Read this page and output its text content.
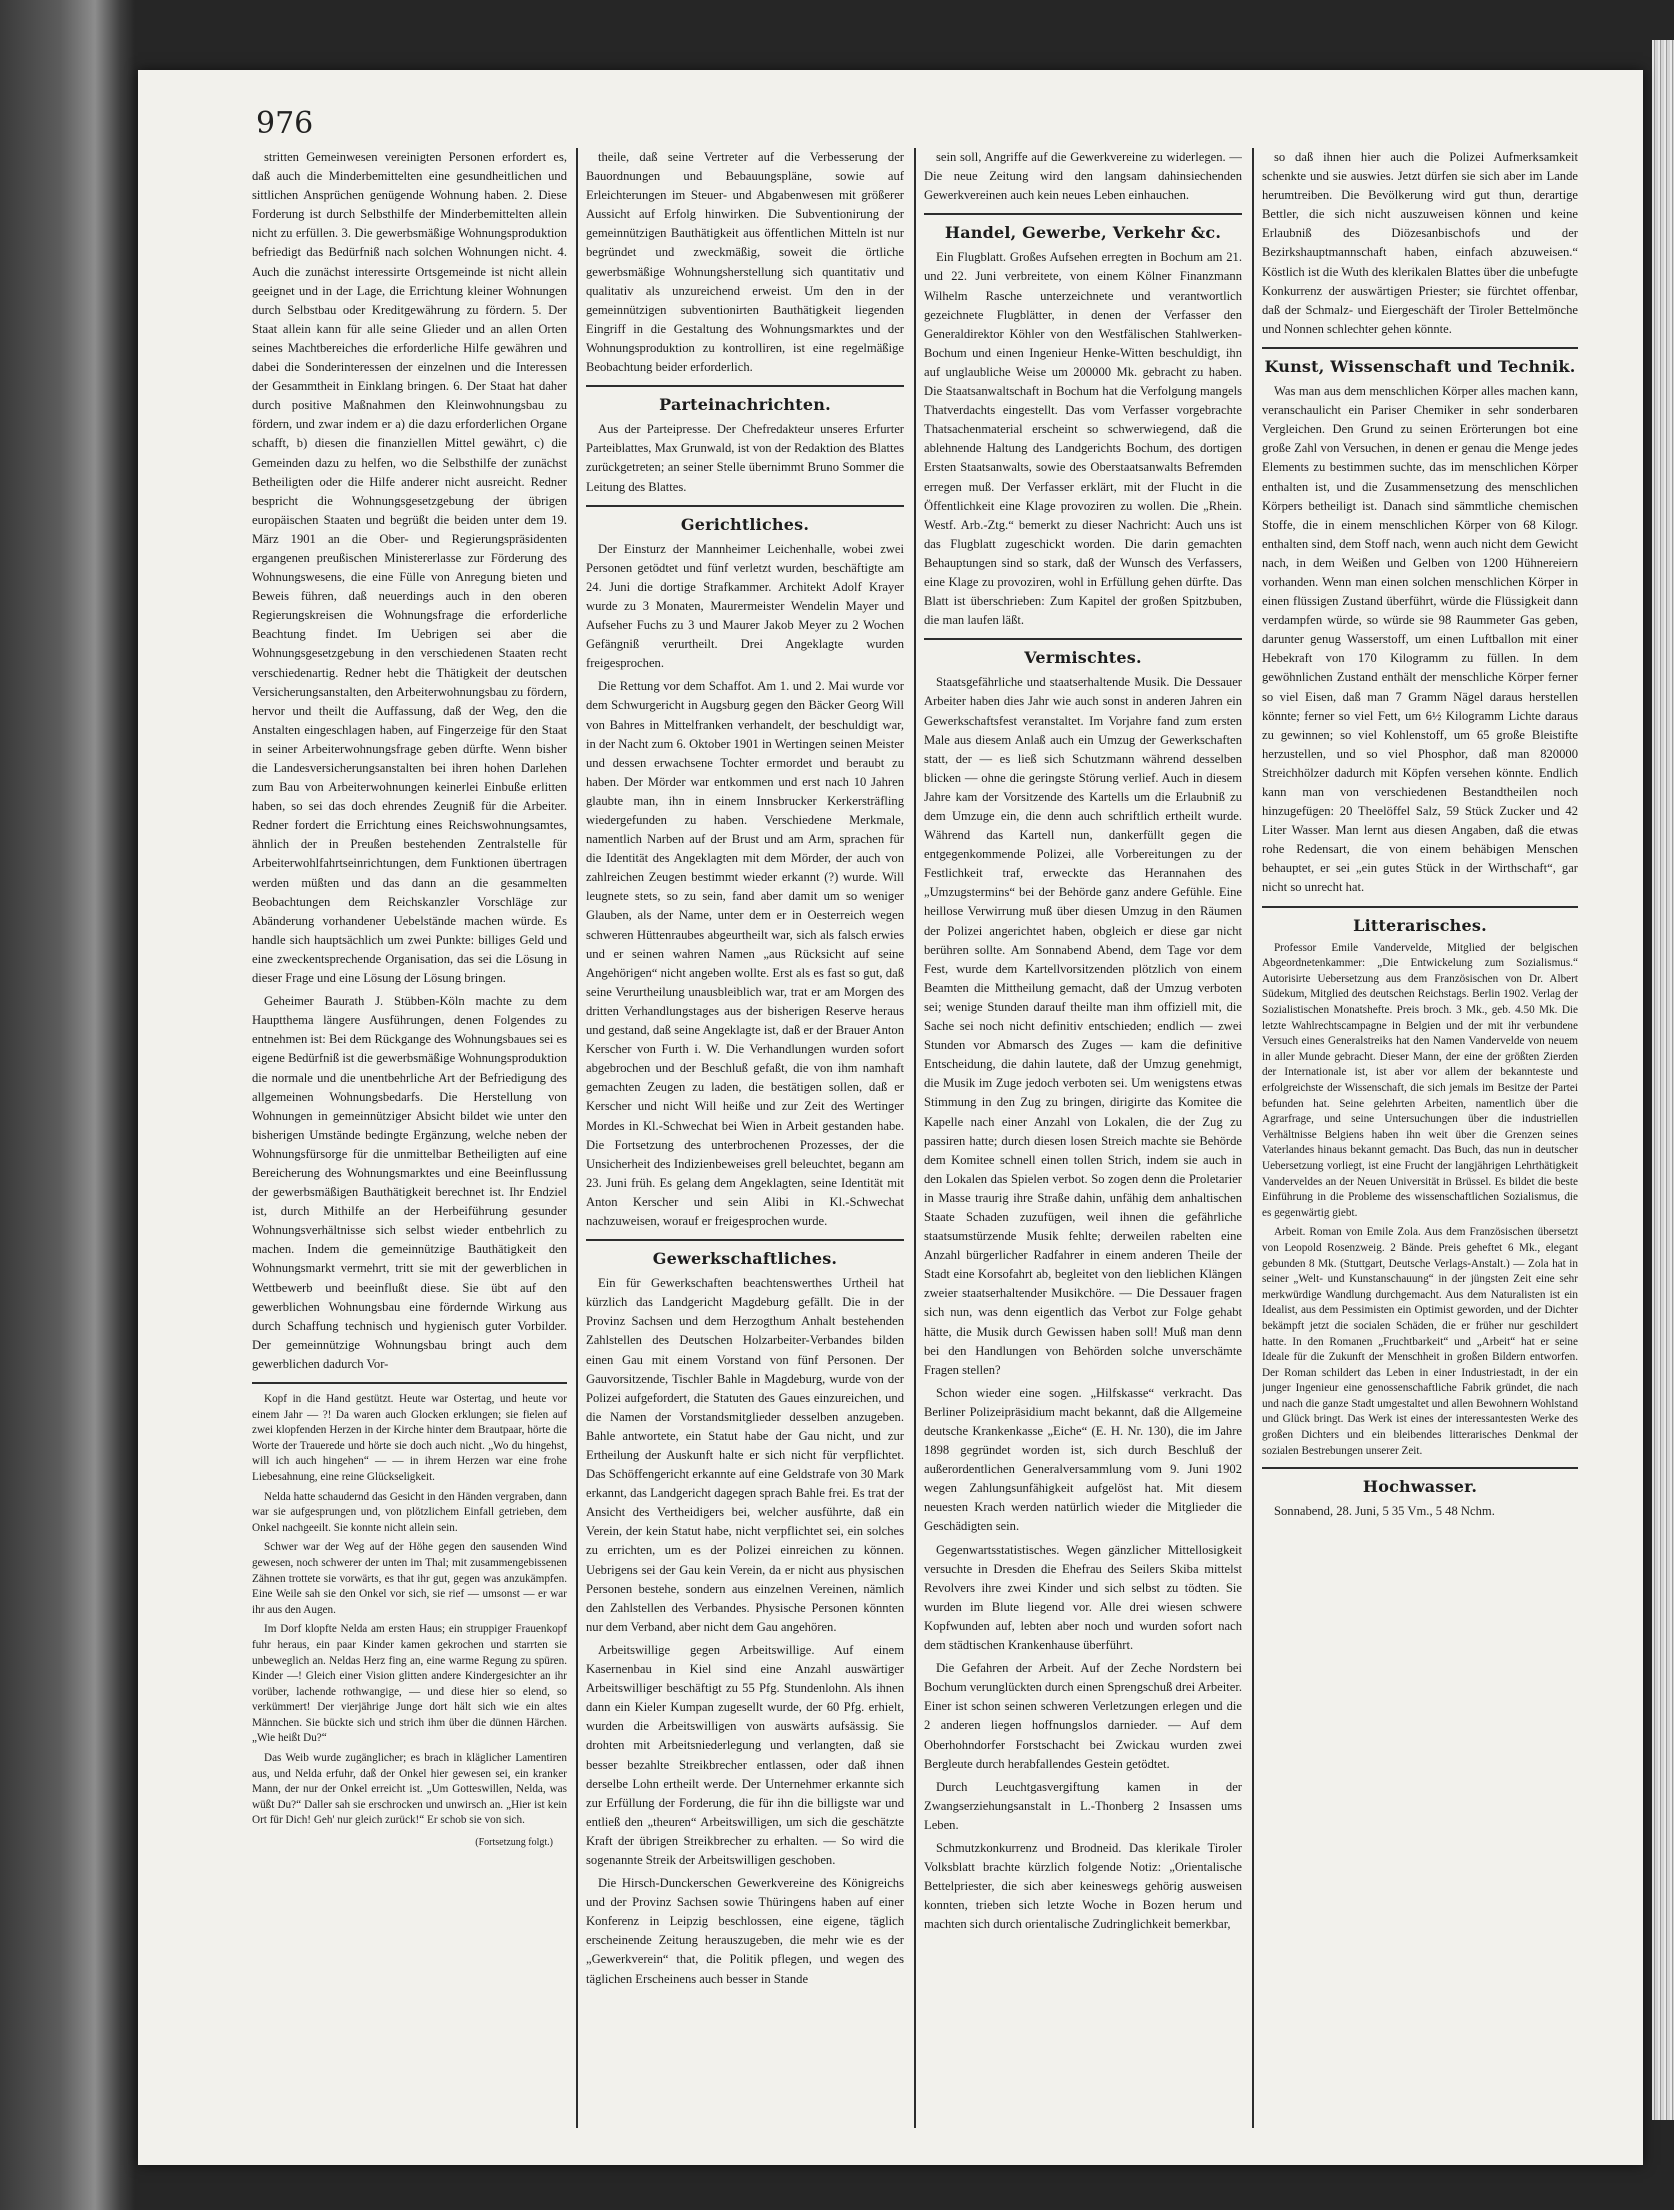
976

stritten Gemeinwesen vereinigten Personen erfordert es, daß auch die Minderbemittelten eine gesundheitlichen und sittlichen Ansprüchen genügende Wohnung haben. 2. Diese Forderung ist durch Selbsthilfe der Minderbemittelten allein nicht zu erfüllen. 3. Die gewerbsmäßige Wohnungsproduktion befriedigt das Bedürfniß nach solchen Wohnungen nicht. 4. Auch die zunächst interessirte Ortsgemeinde ist nicht allein geeignet und in der Lage, die Errichtung kleiner Wohnungen durch Selbstbau oder Kreditgewährung zu fördern. 5. Der Staat allein kann für alle seine Glieder und an allen Orten seines Machtbereiches die erforderliche Hilfe gewähren und dabei die Sonderinteressen der einzelnen und die Interessen der Gesammtheit in Einklang bringen. 6. Der Staat hat daher durch positive Maßnahmen den Kleinwohnungsbau zu fördern, und zwar indem er a) die dazu erforderlichen Organe schafft, b) diesen die finanziellen Mittel gewährt, c) die Gemeinden dazu zu helfen, wo die Selbsthilfe der zunächst Betheiligten oder die Hilfe anderer nicht ausreicht. Redner bespricht die Wohnungsgesetzgebung der übrigen europäischen Staaten und begrüßt die beiden unter dem 19. März 1901 an die Ober- und Regierungspräsidenten ergangenen preußischen Ministererlasse zur Förderung des Wohnungswesens, die eine Fülle von Anregung bieten und Beweis führen, daß neuerdings auch in den oberen Regierungskreisen die Wohnungsfrage die erforderliche Beachtung findet. Im Uebrigen sei aber die Wohnungsgesetzgebung in den verschiedenen Staaten recht verschiedenartig. Redner hebt die Thätigkeit der deutschen Versicherungsanstalten, den Arbeiterwohnungsbau zu fördern, hervor und theilt die Auffassung, daß der Weg, den die Anstalten eingeschlagen haben, auf Fingerzeige für den Staat in seiner Arbeiterwohnungsfrage geben dürfte. Wenn bisher die Landesversicherungsanstalten bei ihren hohen Darlehen zum Bau von Arbeiterwohnungen keinerlei Einbuße erlitten haben, so sei das doch ehrendes Zeugniß für die Arbeiter. Redner fordert die Errichtung eines Reichswohnungsamtes, ähnlich der in Preußen bestehenden Zentralstelle für Arbeiterwohlfahrtseinrichtungen, dem Funktionen übertragen werden müßten und das dann an die gesammelten Beobachtungen dem Reichskanzler Vorschläge zur Abänderung vorhandener Uebelstände machen würde. Es handle sich hauptsächlich um zwei Punkte: billiges Geld und eine zweckentsprechende Organisation, das sei die Lösung in dieser Frage und eine Lösung der Lösung bringen.

Geheimer Baurath J. Stübben-Köln machte zu dem Hauptthema längere Ausführungen, denen Folgendes zu entnehmen ist: Bei dem Rückgange des Wohnungsbaues sei es eigene Bedürfniß ist die gewerbsmäßige Wohnungsproduktion die normale und die unentbehrliche Art der Befriedigung des allgemeinen Wohnungsbedarfs. Die Herstellung von Wohnungen in gemeinnütziger Absicht bildet wie unter den bisherigen Umstände bedingte Ergänzung, welche neben der Wohnungsfürsorge für die unmittelbar Betheiligten auf eine Bereicherung des Wohnungsmarktes und eine Beeinflussung der gewerbsmäßigen Bauthätigkeit berechnet ist. Ihr Endziel ist, durch Mithilfe an der Herbeiführung gesunder Wohnungsverhältnisse sich selbst wieder entbehrlich zu machen. Indem die gemeinnützige Bauthätigkeit den Wohnungsmarkt vermehrt, tritt sie mit der gewerblichen in Wettbewerb und beeinflußt diese. Sie übt auf den gewerblichen Wohnungsbau eine fördernde Wirkung aus durch Schaffung technisch und hygienisch guter Vorbilder. Der gemeinnützige Wohnungsbau bringt auch dem gewerblichen dadurch Vor-

Kopf in die Hand gestützt. Heute war Ostertag, und heute vor einem Jahr — ?! Da waren auch Glocken erklungen; sie fielen auf zwei klopfenden Herzen in der Kirche hinter dem Brautpaar, hörte die Worte der Trauerede und hörte sie doch auch nicht. „Wo du hingehst, will ich auch hingehen“ — — in ihrem Herzen war eine frohe Liebesahnung, eine reine Glückseligkeit.

Nelda hatte schaudernd das Gesicht in den Händen vergraben, dann war sie aufgesprungen und, von plötzlichem Einfall getrieben, dem Onkel nachgeeilt. Sie konnte nicht allein sein.

Schwer war der Weg auf der Höhe gegen den sausenden Wind gewesen, noch schwerer der unten im Thal; mit zusammengebissenen Zähnen trottete sie vorwärts, es that ihr gut, gegen was anzukämpfen. Eine Weile sah sie den Onkel vor sich, sie rief — umsonst — er war ihr aus den Augen.

Im Dorf klopfte Nelda am ersten Haus; ein struppiger Frauenkopf fuhr heraus, ein paar Kinder kamen gekrochen und starrten sie unbeweglich an. Neldas Herz fing an, eine warme Regung zu spüren. Kinder —! Gleich einer Vision glitten andere Kindergesichter an ihr vorüber, lachende rothwangige, — und diese hier so elend, so verkümmert! Der vierjährige Junge dort hält sich wie ein altes Männchen. Sie bückte sich und strich ihm über die dünnen Härchen. „Wie heißt Du?“

Das Weib wurde zugänglicher; es brach in kläglicher Lamentiren aus, und Nelda erfuhr, daß der Onkel hier gewesen sei, ein kranker Mann, der nur der Onkel erreicht ist. „Um Gotteswillen, Nelda, was wüßt Du?“ Daller sah sie erschrocken und unwirsch an. „Hier ist kein Ort für Dich! Geh' nur gleich zurück!“ Er schob sie von sich.

(Fortsetzung folgt.)

theile, daß seine Vertreter auf die Verbesserung der Bauordnungen und Bebauungspläne, sowie auf Erleichterungen im Steuer- und Abgabenwesen mit größerer Aussicht auf Erfolg hinwirken. Die Subventionirung der gemeinnützigen Bauthätigkeit aus öffentlichen Mitteln ist nur begründet und zweckmäßig, soweit die örtliche gewerbsmäßige Wohnungsherstellung sich quantitativ und qualitativ als unzureichend erweist. Um den in der gemeinnützigen subventionirten Bauthätigkeit liegenden Eingriff in die Gestaltung des Wohnungsmarktes und der Wohnungsproduktion zu kontrolliren, ist eine regelmäßige Beobachtung beider erforderlich.

Parteinachrichten.

Aus der Parteipresse. Der Chefredakteur unseres Erfurter Parteiblattes, Max Grunwald, ist von der Redaktion des Blattes zurückgetreten; an seiner Stelle übernimmt Bruno Sommer die Leitung des Blattes.

Gerichtliches.

Der Einsturz der Mannheimer Leichenhalle, wobei zwei Personen getödtet und fünf verletzt wurden, beschäftigte am 24. Juni die dortige Strafkammer. Architekt Adolf Krayer wurde zu 3 Monaten, Maurermeister Wendelin Mayer und Aufseher Fuchs zu 3 und Maurer Jakob Meyer zu 2 Wochen Gefängniß verurtheilt. Drei Angeklagte wurden freigesprochen.

Die Rettung vor dem Schaffot. Am 1. und 2. Mai wurde vor dem Schwurgericht in Augsburg gegen den Bäcker Georg Will von Bahres in Mittelfranken verhandelt, der beschuldigt war, in der Nacht zum 6. Oktober 1901 in Wertingen seinen Meister und dessen erwachsene Tochter ermordet und beraubt zu haben. Der Mörder war entkommen und erst nach 10 Jahren glaubte man, ihn in einem Innsbrucker Kerkersträfling wiedergefunden zu haben. Verschiedene Merkmale, namentlich Narben auf der Brust und am Arm, sprachen für die Identität des Angeklagten mit dem Mörder, der auch von zahlreichen Zeugen bestimmt wieder erkannt (?) wurde. Will leugnete stets, so zu sein, fand aber damit um so weniger Glauben, als der Name, unter dem er in Oesterreich wegen schweren Hüttenraubes abgeurtheilt war, sich als falsch erwies und er seinen wahren Namen „aus Rücksicht auf seine Angehörigen“ nicht angeben wollte. Erst als es fast so gut, daß seine Verurtheilung unausbleiblich war, trat er am Morgen des dritten Verhandlungstages aus der bisherigen Reserve heraus und gestand, daß seine Angeklagte ist, daß er der Brauer Anton Kerscher von Furth i. W. Die Verhandlungen wurden sofort abgebrochen und der Beschluß gefaßt, die von ihm namhaft gemachten Zeugen zu laden, die bestätigen sollen, daß er Kerscher und nicht Will heiße und zur Zeit des Wertinger Mordes in Kl.-Schwechat bei Wien in Arbeit gestanden habe. Die Fortsetzung des unterbrochenen Prozesses, der die Unsicherheit des Indizienbeweises grell beleuchtet, begann am 23. Juni früh. Es gelang dem Angeklagten, seine Identität mit Anton Kerscher und sein Alibi in Kl.-Schwechat nachzuweisen, worauf er freigesprochen wurde.

Gewerkschaftliches.

Ein für Gewerkschaften beachtenswerthes Urtheil hat kürzlich das Landgericht Magdeburg gefällt. Die in der Provinz Sachsen und dem Herzogthum Anhalt bestehenden Zahlstellen des Deutschen Holzarbeiter-Verbandes bilden einen Gau mit einem Vorstand von fünf Personen. Der Gauvorsitzende, Tischler Bahle in Magdeburg, wurde von der Polizei aufgefordert, die Statuten des Gaues einzureichen, und die Namen der Vorstandsmitglieder desselben anzugeben. Bahle antwortete, ein Statut habe der Gau nicht, und zur Ertheilung der Auskunft halte er sich nicht für verpflichtet. Das Schöffengericht erkannte auf eine Geldstrafe von 30 Mark erkannt, das Landgericht dagegen sprach Bahle frei. Es trat der Ansicht des Vertheidigers bei, welcher ausführte, daß ein Verein, der kein Statut habe, nicht verpflichtet sei, ein solches zu errichten, um es der Polizei einreichen zu können. Uebrigens sei der Gau kein Verein, da er nicht aus physischen Personen bestehe, sondern aus einzelnen Vereinen, nämlich den Zahlstellen des Verbandes. Physische Personen könnten nur dem Verband, aber nicht dem Gau angehören.

Arbeitswillige gegen Arbeitswillige. Auf einem Kasernenbau in Kiel sind eine Anzahl auswärtiger Arbeitswilliger beschäftigt zu 55 Pfg. Stundenlohn. Als ihnen dann ein Kieler Kumpan zugesellt wurde, der 60 Pfg. erhielt, wurden die Arbeitswilligen von auswärts aufsässig. Sie drohten mit Arbeitsniederlegung und verlangten, daß sie besser bezahlte Streikbrecher entlassen, oder daß ihnen derselbe Lohn ertheilt werde. Der Unternehmer erkannte sich zur Erfüllung der Forderung, die für ihn die billigste war und entließ den „theuren“ Arbeitswilligen, um sich die geschätzte Kraft der übrigen Streikbrecher zu erhalten. — So wird die sogenannte Streik der Arbeitswilligen geschoben.

Die Hirsch-Dunckerschen Gewerkvereine des Königreichs und der Provinz Sachsen sowie Thüringens haben auf einer Konferenz in Leipzig beschlossen, eine eigene, täglich erscheinende Zeitung herauszugeben, die mehr wie es der „Gewerkverein“ that, die Politik pflegen, und wegen des täglichen Erscheinens auch besser in Stande

sein soll, Angriffe auf die Gewerkvereine zu widerlegen. — Die neue Zeitung wird den langsam dahinsiechenden Gewerkvereinen auch kein neues Leben einhauchen.

Handel, Gewerbe, Verkehr &c.

Ein Flugblatt. Großes Aufsehen erregten in Bochum am 21. und 22. Juni verbreitete, von einem Kölner Finanzmann Wilhelm Rasche unterzeichnete und verantwortlich gezeichnete Flugblätter, in denen der Verfasser den Generaldirektor Köhler von den Westfälischen Stahlwerken-Bochum und einen Ingenieur Henke-Witten beschuldigt, ihn auf unglaubliche Weise um 200000 Mk. gebracht zu haben. Die Staatsanwaltschaft in Bochum hat die Verfolgung mangels Thatverdachts eingestellt. Das vom Verfasser vorgebrachte Thatsachenmaterial erscheint so schwerwiegend, daß die ablehnende Haltung des Landgerichts Bochum, des dortigen Ersten Staatsanwalts, sowie des Oberstaatsanwalts Befremden erregen muß. Der Verfasser erklärt, mit der Flucht in die Öffentlichkeit eine Klage provoziren zu wollen. Die „Rhein. Westf. Arb.-Ztg.“ bemerkt zu dieser Nachricht: Auch uns ist das Flugblatt zugeschickt worden. Die darin gemachten Behauptungen sind so stark, daß der Wunsch des Verfassers, eine Klage zu provoziren, wohl in Erfüllung gehen dürfte. Das Blatt ist überschrieben: Zum Kapitel der großen Spitzbuben, die man laufen läßt.

Vermischtes.

Staatsgefährliche und staatserhaltende Musik. Die Dessauer Arbeiter haben dies Jahr wie auch sonst in anderen Jahren ein Gewerkschaftsfest veranstaltet. Im Vorjahre fand zum ersten Male aus diesem Anlaß auch ein Umzug der Gewerkschaften statt, der — es ließ sich Schutzmann während desselben blicken — ohne die geringste Störung verlief. Auch in diesem Jahre kam der Vorsitzende des Kartells um die Erlaubniß zu dem Umzuge ein, die denn auch schriftlich ertheilt wurde. Während das Kartell nun, dankerfüllt gegen die entgegenkommende Polizei, alle Vorbereitungen zu der Festlichkeit traf, erweckte das Herannahen des „Umzugstermins“ bei der Behörde ganz andere Gefühle. Eine heillose Verwirrung muß über diesen Umzug in den Räumen der Polizei angerichtet haben, obgleich er diese gar nicht berühren sollte. Am Sonnabend Abend, dem Tage vor dem Fest, wurde dem Kartellvorsitzenden plötzlich von einem Beamten die Mittheilung gemacht, daß der Umzug verboten sei; wenige Stunden darauf theilte man ihm offiziell mit, die Sache sei noch nicht definitiv entschieden; endlich — zwei Stunden vor Abmarsch des Zuges — kam die definitive Entscheidung, die dahin lautete, daß der Umzug genehmigt, die Musik im Zuge jedoch verboten sei. Um wenigstens etwas Stimmung in den Zug zu bringen, dirigirte das Komitee die Kapelle nach einer Anzahl von Lokalen, die der Zug zu passiren hatte; durch diesen losen Streich machte sie Behörde dem Komitee schnell einen tollen Strich, indem sie auch in den Lokalen das Spielen verbot. So zogen denn die Proletarier in Masse traurig ihre Straße dahin, unfähig dem anhaltischen Staate Schaden zuzufügen, weil ihnen die gefährliche staatsumstürzende Musik fehlte; derweilen rabelten eine Anzahl bürgerlicher Radfahrer in einem anderen Theile der Stadt eine Korsofahrt ab, begleitet von den lieblichen Klängen zweier staatserhaltender Musikchöre. — Die Dessauer fragen sich nun, was denn eigentlich das Verbot zur Folge gehabt hätte, die Musik durch Gewissen haben soll! Muß man denn bei den Handlungen von Behörden solche unverschämte Fragen stellen?

Schon wieder eine sogen. „Hilfskasse“ verkracht. Das Berliner Polizeipräsidium macht bekannt, daß die Allgemeine deutsche Krankenkasse „Eiche“ (E. H. Nr. 130), die im Jahre 1898 gegründet worden ist, sich durch Beschluß der außerordentlichen Generalversammlung vom 9. Juni 1902 wegen Zahlungsunfähigkeit aufgelöst hat. Mit diesem neuesten Krach werden natürlich wieder die Mitglieder die Geschädigten sein.

Gegenwartsstatistisches. Wegen gänzlicher Mittellosigkeit versuchte in Dresden die Ehefrau des Seilers Skiba mittelst Revolvers ihre zwei Kinder und sich selbst zu tödten. Sie wurden im Blute liegend vor. Alle drei wiesen schwere Kopfwunden auf, lebten aber noch und wurden sofort nach dem städtischen Krankenhause überführt.

Die Gefahren der Arbeit. Auf der Zeche Nordstern bei Bochum verunglückten durch einen Sprengschuß drei Arbeiter. Einer ist schon seinen schweren Verletzungen erlegen und die 2 anderen liegen hoffnungslos darnieder. — Auf dem Oberhohndorfer Forstschacht bei Zwickau wurden zwei Bergleute durch herabfallendes Gestein getödtet.

Durch Leuchtgasvergiftung kamen in der Zwangserziehungsanstalt in L.-Thonberg 2 Insassen ums Leben.

Schmutzkonkurrenz und Brodneid. Das klerikale Tiroler Volksblatt brachte kürzlich folgende Notiz: „Orientalische Bettelpriester, die sich aber keineswegs gehörig ausweisen konnten, trieben sich letzte Woche in Bozen herum und machten sich durch orientalische Zudringlichkeit bemerkbar,

so daß ihnen hier auch die Polizei Aufmerksamkeit schenkte und sie auswies. Jetzt dürfen sie sich aber im Lande herumtreiben. Die Bevölkerung wird gut thun, derartige Bettler, die sich nicht auszuweisen können und keine Erlaubniß des Diözesanbischofs und der Bezirkshauptmannschaft haben, einfach abzuweisen.“ Köstlich ist die Wuth des klerikalen Blattes über die unbefugte Konkurrenz der auswärtigen Priester; sie fürchtet offenbar, daß der Schmalz- und Eiergeschäft der Tiroler Bettelmönche und Nonnen schlechter gehen könnte.

Kunst, Wissenschaft und Technik.

Was man aus dem menschlichen Körper alles machen kann, veranschaulicht ein Pariser Chemiker in sehr sonderbaren Vergleichen. Den Grund zu seinen Erörterungen bot eine große Zahl von Versuchen, in denen er genau die Menge jedes Elements zu bestimmen suchte, das im menschlichen Körper enthalten ist, und die Zusammensetzung des menschlichen Körpers betheiligt ist. Danach sind sämmtliche chemischen Stoffe, die in einem menschlichen Körper von 68 Kilogr. enthalten sind, dem Stoff nach, wenn auch nicht dem Gewicht nach, in dem Weißen und Gelben von 1200 Hühnereiern vorhanden. Wenn man einen solchen menschlichen Körper in einen flüssigen Zustand überführt, würde die Flüssigkeit dann verdampfen würde, so würde sie 98 Raummeter Gas geben, darunter genug Wasserstoff, um einen Luftballon mit einer Hebekraft von 170 Kilogramm zu füllen. In dem gewöhnlichen Zustand enthält der menschliche Körper ferner so viel Eisen, daß man 7 Gramm Nägel daraus herstellen könnte; ferner so viel Fett, um 6½ Kilogramm Lichte daraus zu gewinnen; so viel Kohlenstoff, um 65 große Bleistifte herzustellen, und so viel Phosphor, daß man 820000 Streichhölzer dadurch mit Köpfen versehen könnte. Endlich kann man von verschiedenen Bestandtheilen noch hinzugefügen: 20 Theelöffel Salz, 59 Stück Zucker und 42 Liter Wasser. Man lernt aus diesen Angaben, daß die etwas rohe Redensart, die von einem behäbigen Menschen behauptet, er sei „ein gutes Stück in der Wirthschaft“, gar nicht so unrecht hat.

Litterarisches.

Professor Emile Vandervelde, Mitglied der belgischen Abgeordnetenkammer: „Die Entwickelung zum Sozialismus.“ Autorisirte Uebersetzung aus dem Französischen von Dr. Albert Südekum, Mitglied des deutschen Reichstags. Berlin 1902. Verlag der Sozialistischen Monatshefte. Preis broch. 3 Mk., geb. 4.50 Mk. Die letzte Wahlrechtscampagne in Belgien und der mit ihr verbundene Versuch eines Generalstreiks hat den Namen Vandervelde von neuem in aller Munde gebracht. Dieser Mann, der eine der größten Zierden der Internationale ist, ist aber vor allem der bekannteste und erfolgreichste der Wissenschaft, die sich jemals im Besitze der Partei befunden hat. Seine gelehrten Arbeiten, namentlich über die Agrarfrage, und seine Untersuchungen über die industriellen Verhältnisse Belgiens haben ihn weit über die Grenzen seines Vaterlandes hinaus bekannt gemacht. Das Buch, das nun in deutscher Uebersetzung vorliegt, ist eine Frucht der langjährigen Lehrthätigkeit Vanderveldes an der Neuen Universität in Brüssel. Es bildet die beste Einführung in die Probleme des wissenschaftlichen Sozialismus, die es gegenwärtig giebt.

Arbeit. Roman von Emile Zola. Aus dem Französischen übersetzt von Leopold Rosenzweig. 2 Bände. Preis geheftet 6 Mk., elegant gebunden 8 Mk. (Stuttgart, Deutsche Verlags-Anstalt.) — Zola hat in seiner „Welt- und Kunstanschauung“ in der jüngsten Zeit eine sehr merkwürdige Wandlung durchgemacht. Aus dem Naturalisten ist ein Idealist, aus dem Pessimisten ein Optimist geworden, und der Dichter bekämpft jetzt die socialen Schäden, die er früher nur geschildert hatte. In den Romanen „Fruchtbarkeit“ und „Arbeit“ hat er seine Ideale für die Zukunft der Menschheit in großen Bildern entworfen. Der Roman schildert das Leben in einer Industriestadt, in der ein junger Ingenieur eine genossenschaftliche Fabrik gründet, die nach und nach die ganze Stadt umgestaltet und allen Bewohnern Wohlstand und Glück bringt. Das Werk ist eines der interessantesten Werke des großen Dichters und ein bleibendes litterarisches Denkmal der sozialen Bestrebungen unserer Zeit.

Hochwasser.

Sonnabend, 28. Juni, 5 35 Vm., 5 48 Nchm.
